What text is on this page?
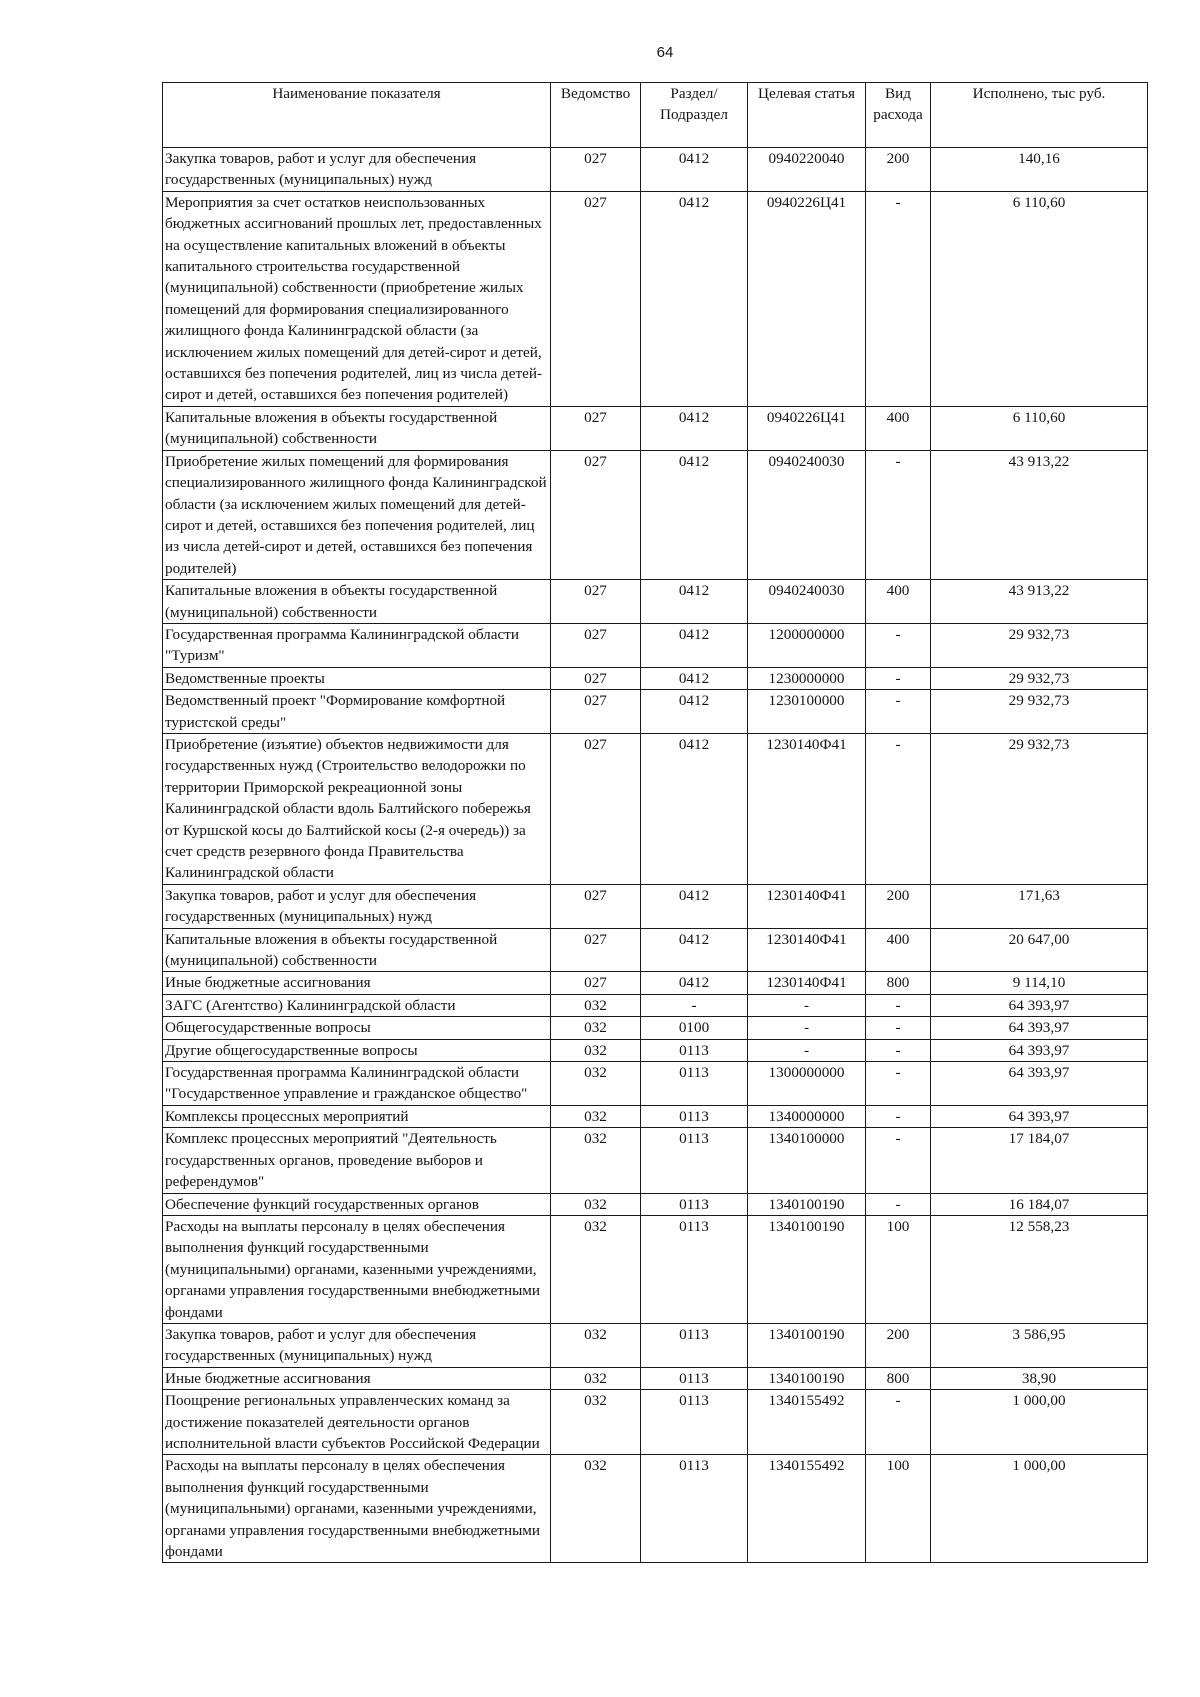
64
Наименование показателя	Ведомство	Раздел/ Подраздел	Целевая статья	Вид расхода	Исполнено, тыс руб.
Закупка товаров, работ и услуг для обеспечения государственных (муниципальных) нужд	027	0412	0940220040	200	140,16
Мероприятия за счет остатков неиспользованных бюджетных ассигнований прошлых лет, предоставленных на осуществление капитальных вложений в объекты капитального строительства государственной (муниципальной) собственности (приобретение жилых помещений для формирования специализированного жилищного фонда Калининградской области (за исключением жилых помещений для детей-сирот и детей, оставшихся без попечения родителей, лиц из числа детей-сирот и детей, оставшихся без попечения родителей)	027	0412	0940226Ц41	-	6 110,60
Капитальные вложения в объекты государственной (муниципальной) собственности	027	0412	0940226Ц41	400	6 110,60
Приобретение жилых помещений для формирования специализированного жилищного фонда Калининградской области (за исключением жилых помещений для детей-сирот и детей, оставшихся без попечения родителей, лиц из числа детей-сирот и детей, оставшихся без попечения родителей)	027	0412	0940240030	-	43 913,22
Капитальные вложения в объекты государственной (муниципальной) собственности	027	0412	0940240030	400	43 913,22
Государственная программа Калининградской области "Туризм"	027	0412	1200000000	-	29 932,73
Ведомственные проекты	027	0412	1230000000	-	29 932,73
Ведомственный проект "Формирование комфортной туристской среды"	027	0412	1230100000	-	29 932,73
Приобретение (изъятие) объектов недвижимости для государственных нужд (Строительство велодорожки по территории Приморской рекреационной зоны Калининградской области вдоль Балтийского побережья от Куршской косы до Балтийской косы (2-я очередь)) за счет средств резервного фонда Правительства Калининградской области	027	0412	1230140Ф41	-	29 932,73
Закупка товаров, работ и услуг для обеспечения государственных (муниципальных) нужд	027	0412	1230140Ф41	200	171,63
Капитальные вложения в объекты государственной (муниципальной) собственности	027	0412	1230140Ф41	400	20 647,00
Иные бюджетные ассигнования	027	0412	1230140Ф41	800	9 114,10
ЗАГС (Агентство) Калининградской области	032	-	-	-	64 393,97
Общегосударственные вопросы	032	0100	-	-	64 393,97
Другие общегосударственные вопросы	032	0113	-	-	64 393,97
Государственная программа Калининградской области "Государственное управление и гражданское общество"	032	0113	1300000000	-	64 393,97
Комплексы процессных мероприятий	032	0113	1340000000	-	64 393,97
Комплекс процессных мероприятий "Деятельность государственных органов, проведение выборов и референдумов"	032	0113	1340100000	-	17 184,07
Обеспечение функций государственных органов	032	0113	1340100190	-	16 184,07
Расходы на выплаты персоналу в целях обеспечения выполнения функций государственными (муниципальными) органами, казенными учреждениями, органами управления государственными внебюджетными фондами	032	0113	1340100190	100	12 558,23
Закупка товаров, работ и услуг для обеспечения государственных (муниципальных) нужд	032	0113	1340100190	200	3 586,95
Иные бюджетные ассигнования	032	0113	1340100190	800	38,90
Поощрение региональных управленческих команд за достижение показателей деятельности органов исполнительной власти субъектов Российской Федерации	032	0113	1340155492	-	1 000,00
Расходы на выплаты персоналу в целях обеспечения выполнения функций государственными (муниципальными) органами, казенными учреждениями, органами управления государственными внебюджетными фондами	032	0113	1340155492	100	1 000,00
